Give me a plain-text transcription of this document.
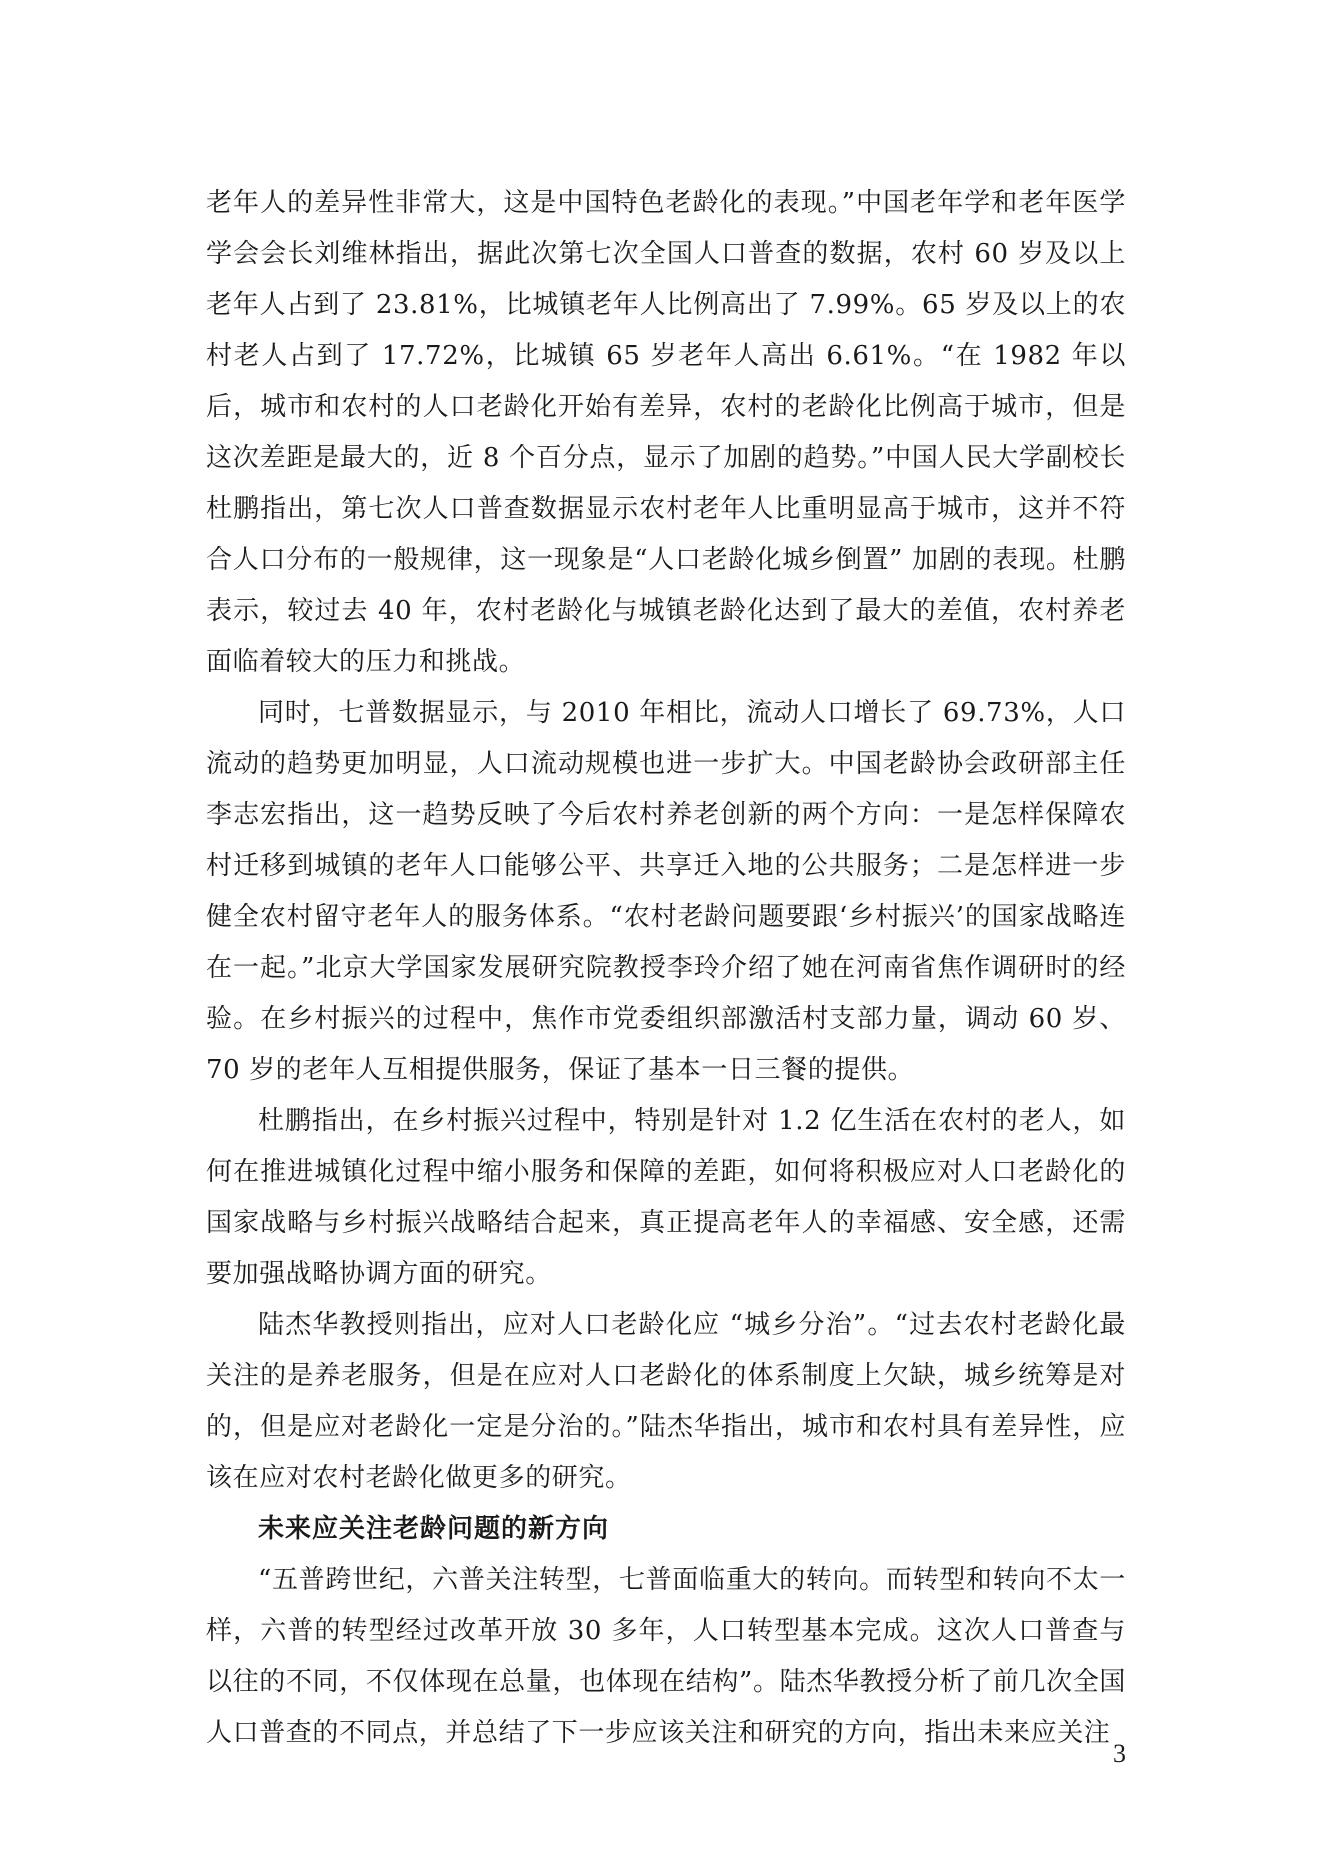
老年人的差异性非常大，这是中国特色老龄化的表现。”中国老年学和老年医学学会会长刘维林指出，据此次第七次全国人口普查的数据，农村 60 岁及以上老年人占到了 23.81%，比城镇老年人比例高出了 7.99%。65 岁及以上的农村老人占到了 17.72%，比城镇 65 岁老年人高出 6.61%。“在 1982 年以后，城市和农村的人口老龄化开始有差异，农村的老龄化比例高于城市，但是这次差距是最大的，近 8 个百分点，显示了加剧的趋势。”中国人民大学副校长杜鹏指出，第七次人口普查数据显示农村老年人比重明显高于城市，这并不符合人口分布的一般规律，这一现象是“人口老龄化城乡倒置” 加剧的表现。杜鹏表示，较过去 40 年，农村老龄化与城镇老龄化达到了最大的差值，农村养老面临着较大的压力和挑战。

同时，七普数据显示，与 2010 年相比，流动人口增长了 69.73%，人口流动的趋势更加明显，人口流动规模也进一步扩大。中国老龄协会政研部主任李志宏指出，这一趋势反映了今后农村养老创新的两个方向：一是怎样保障农村迁移到城镇的老年人口能够公平、共享迁入地的公共服务；二是怎样进一步健全农村留守老年人的服务体系。“农村老龄问题要跟‘乡村振兴’的国家战略连在一起。”北京大学国家发展研究院教授李玲介绍了她在河南省焦作调研时的经验。在乡村振兴的过程中，焦作市党委组织部激活村支部力量，调动 60 岁、70 岁的老年人互相提供服务，保证了基本一日三餐的提供。

杜鹏指出，在乡村振兴过程中，特别是针对 1.2 亿生活在农村的老人，如何在推进城镇化过程中缩小服务和保障的差距，如何将积极应对人口老龄化的国家战略与乡村振兴战略结合起来，真正提高老年人的幸福感、安全感，还需要加强战略协调方面的研究。

陆杰华教授则指出，应对人口老龄化应 “城乡分治”。“过去农村老龄化最关注的是养老服务，但是在应对人口老龄化的体系制度上欠缺，城乡统筹是对的，但是应对老龄化一定是分治的。”陆杰华指出，城市和农村具有差异性，应该在应对农村老龄化做更多的研究。

未来应关注老龄问题的新方向

“五普跨世纪，六普关注转型，七普面临重大的转向。而转型和转向不太一样，六普的转型经过改革开放 30 多年，人口转型基本完成。这次人口普查与以往的不同，不仅体现在总量，也体现在结构”。陆杰华教授分析了前几次全国人口普查的不同点，并总结了下一步应该关注和研究的方向，指出未来应关注

3
